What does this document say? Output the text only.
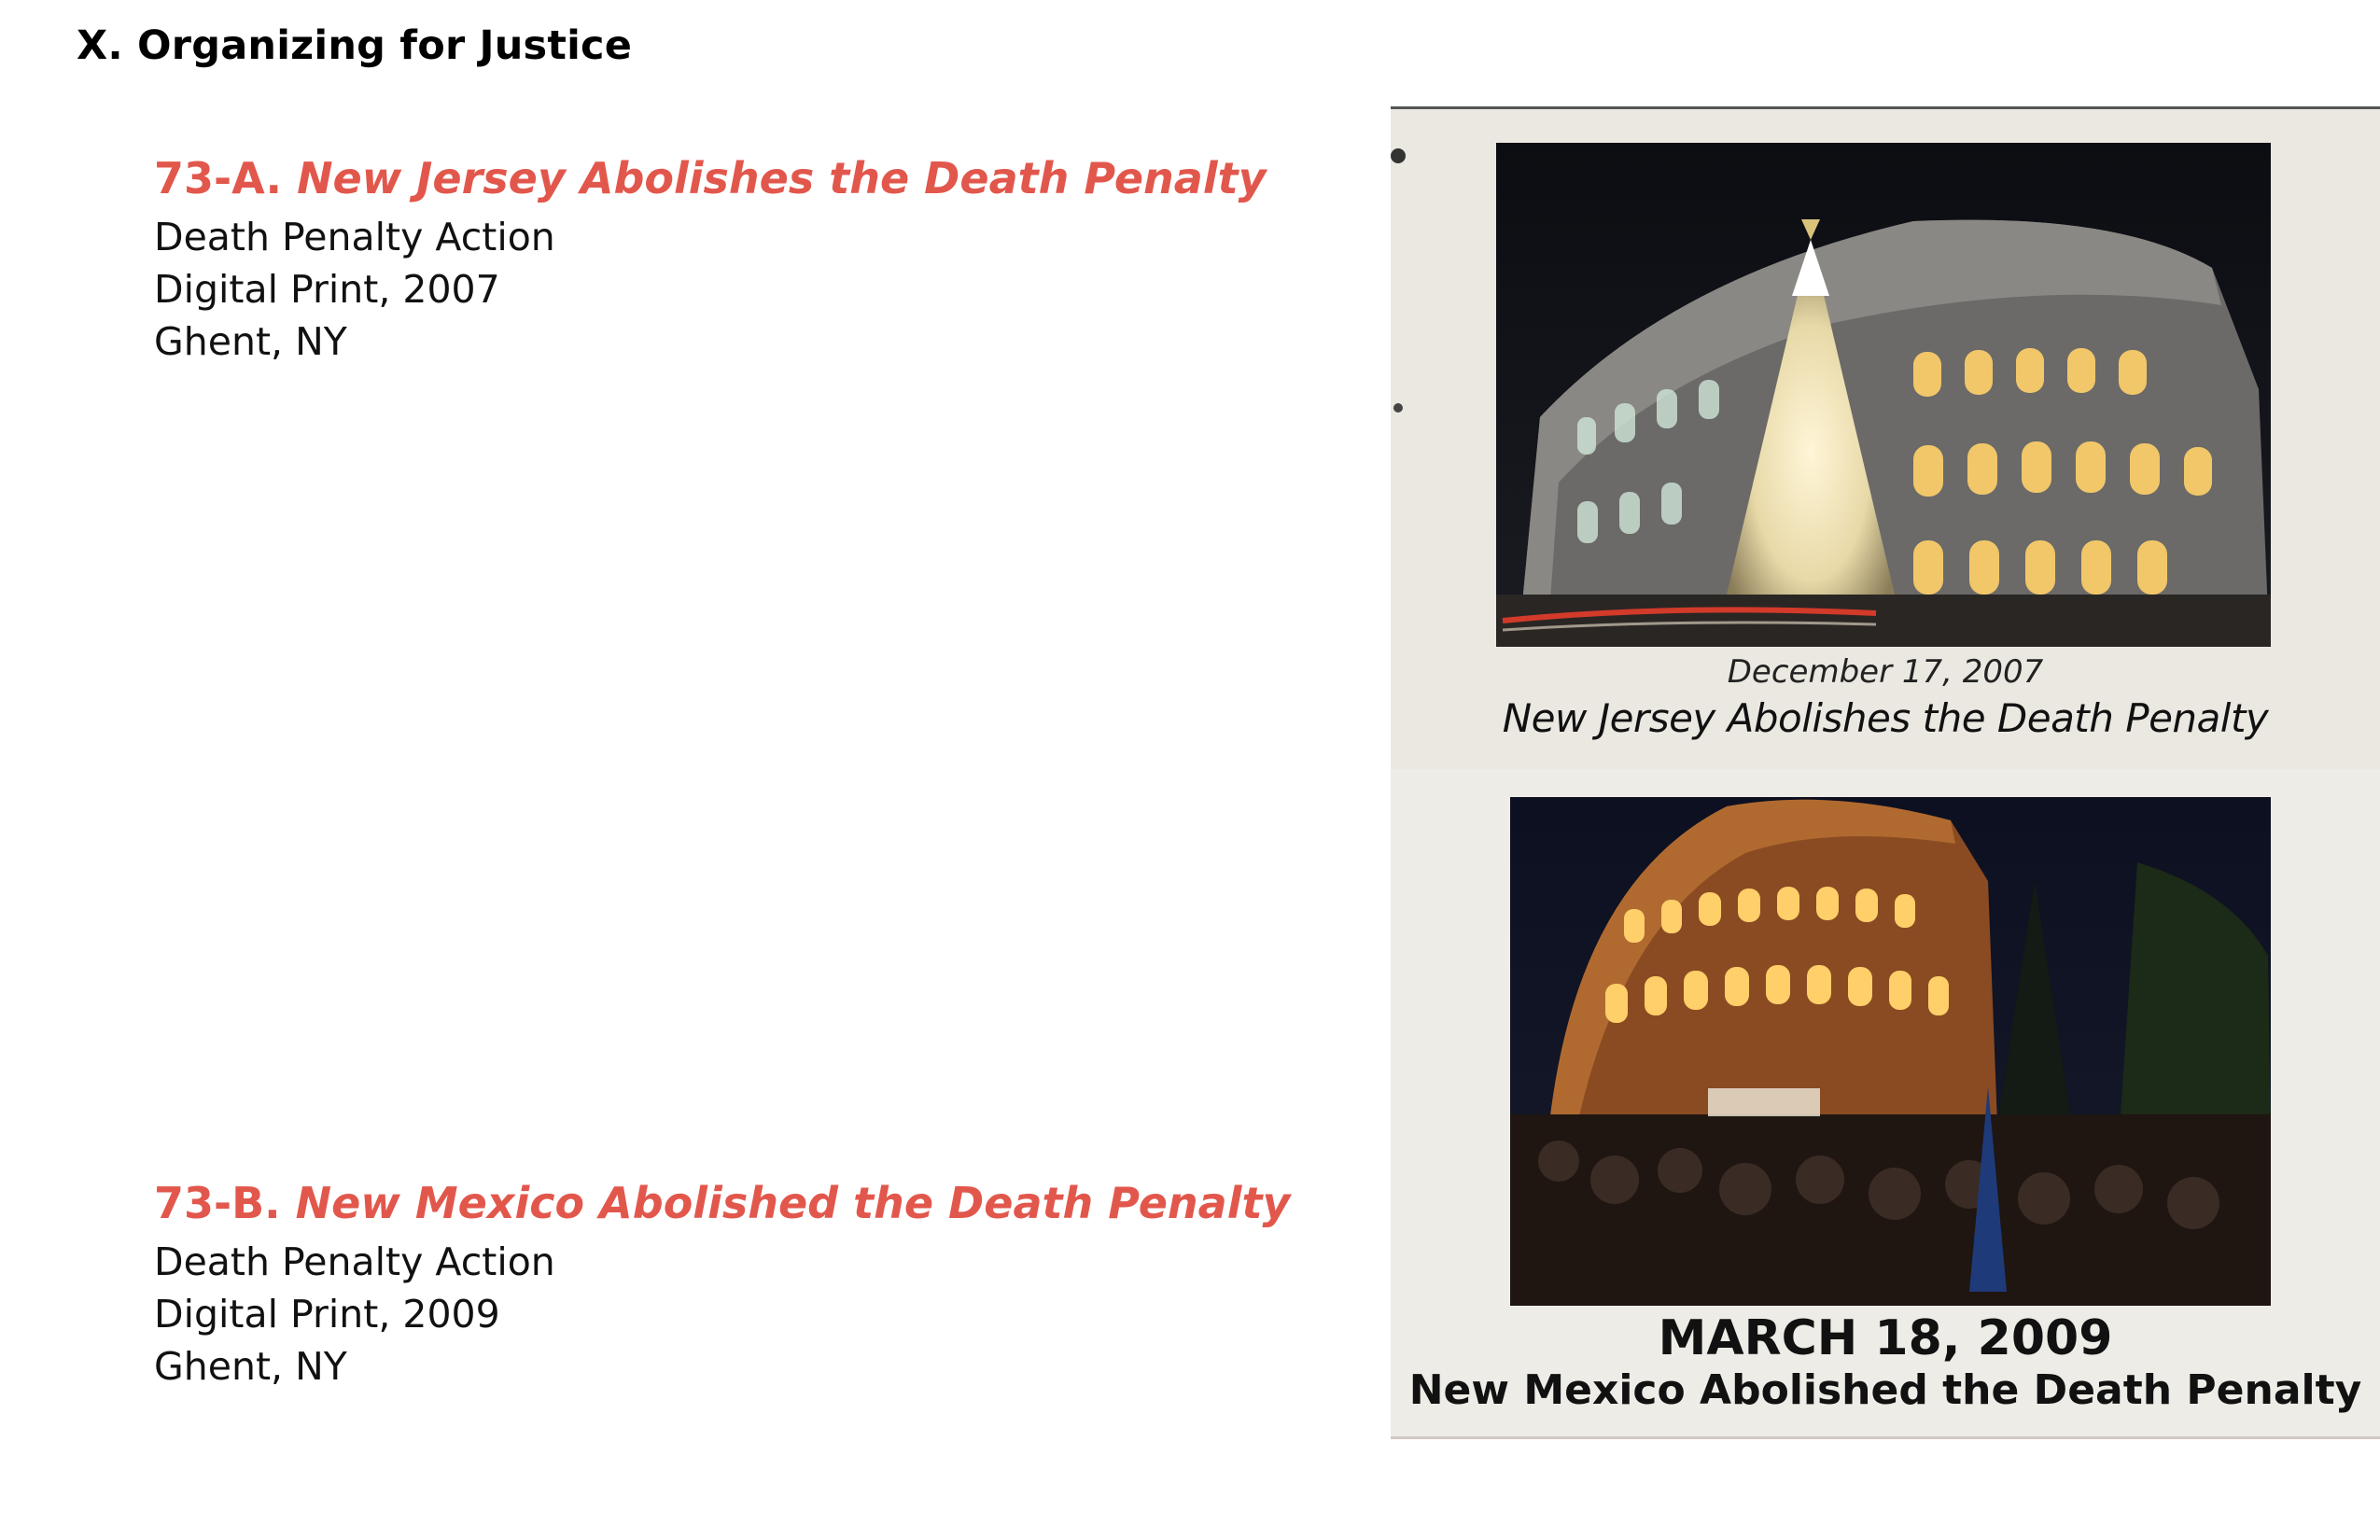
X. Organizing for Justice
73-A. New Jersey Abolishes the Death Penalty
Death Penalty Action
Digital Print, 2007
Ghent, NY
73-B. New Mexico Abolished the Death Penalty
Death Penalty Action
Digital Print, 2009
Ghent, NY

December 17, 2007

New Jersey Abolishes the Death Penalty

MARCH 18, 2009

New Mexico Abolished the Death Penalty
